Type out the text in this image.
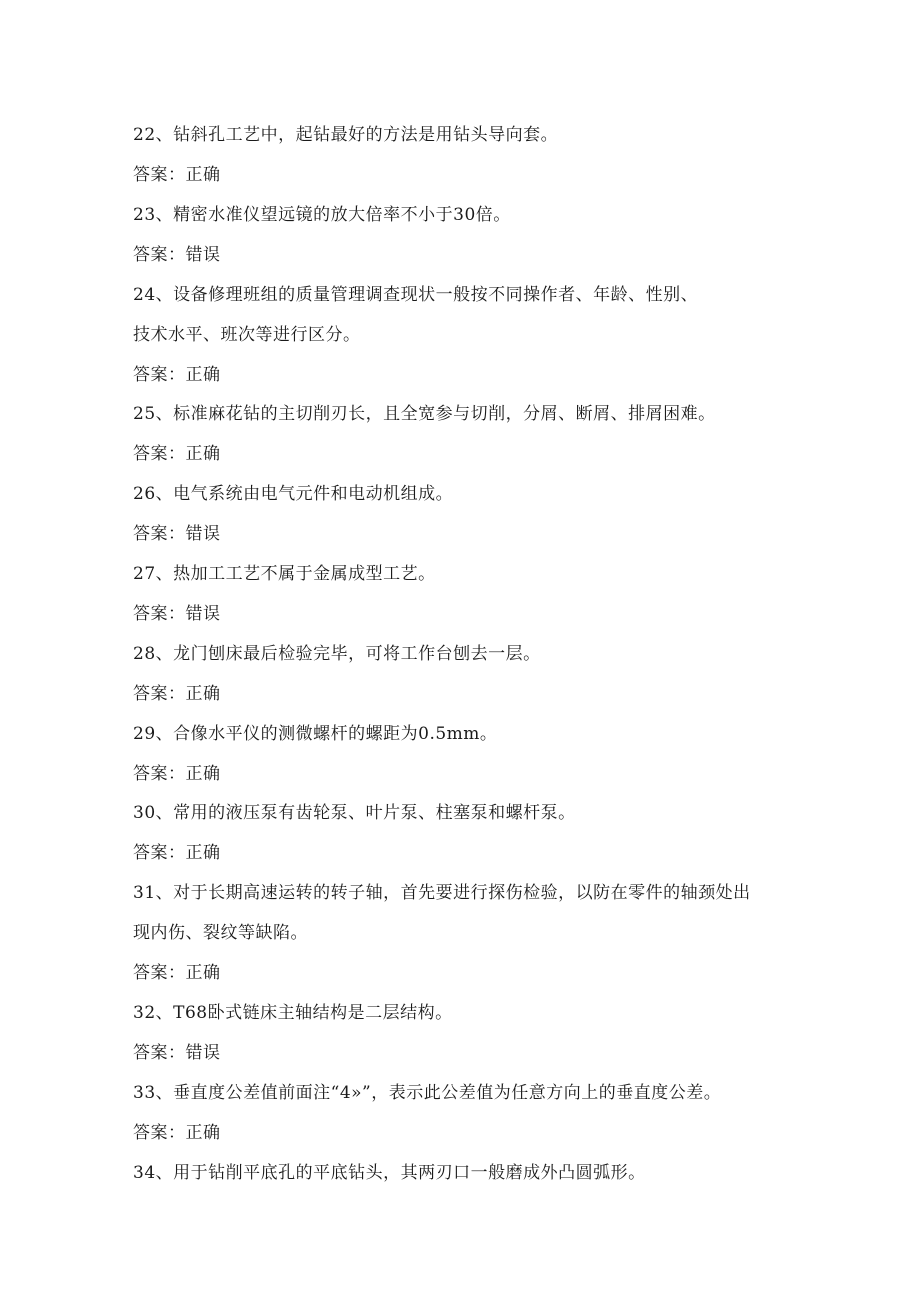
22、钻斜孔工艺中，起钻最好的方法是用钻头导向套。
答案：正确
23、精密水准仪望远镜的放大倍率不小于30倍。
答案：错误
24、设备修理班组的质量管理调查现状一般按不同操作者、年龄、性别、
技术水平、班次等进行区分。
答案：正确
25、标准麻花钻的主切削刃长，且全宽参与切削，分屑、断屑、排屑困难。
答案：正确
26、电气系统由电气元件和电动机组成。
答案：错误
27、热加工工艺不属于金属成型工艺。
答案：错误
28、龙门刨床最后检验完毕，可将工作台刨去一层。
答案：正确
29、合像水平仪的测微螺杆的螺距为0.5mm。
答案：正确
30、常用的液压泵有齿轮泵、叶片泵、柱塞泵和螺杆泵。
答案：正确
31、对于长期高速运转的转子轴，首先要进行探伤检验，以防在零件的轴颈处出
现内伤、裂纹等缺陷。
答案：正确
32、T68卧式链床主轴结构是二层结构。
答案：错误
33、垂直度公差值前面注“4»”，表示此公差值为任意方向上的垂直度公差。
答案：正确
34、用于钻削平底孔的平底钻头，其两刃口一般磨成外凸圆弧形。
